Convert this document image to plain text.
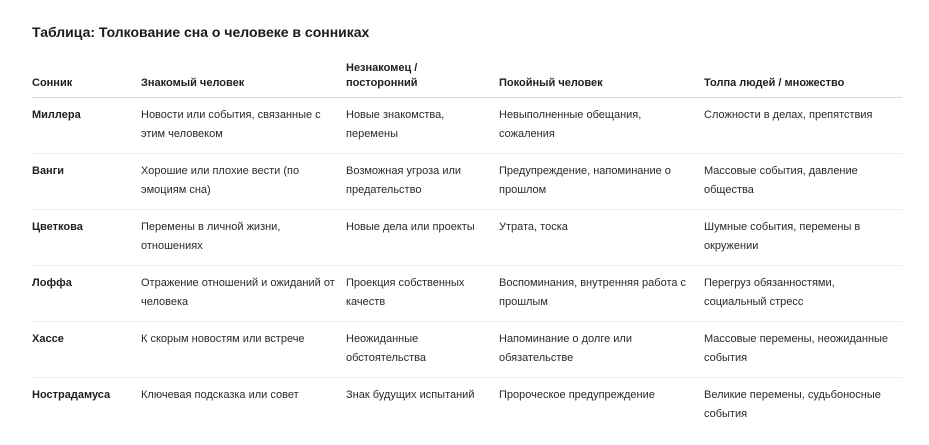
Таблица: Толкование сна о человеке в сонниках
Сонник	Знакомый человек	Незнакомец / посторонний	Покойный человек	Толпа людей / множество
Миллера	Новости или события, связанные с этим человеком	Новые знакомства, перемены	Невыполненные обещания, сожаления	Сложности в делах, препятствия
Ванги	Хорошие или плохие вести (по эмоциям сна)	Возможная угроза или предательство	Предупреждение, напоминание о прошлом	Массовые события, давление общества
Цветкова	Перемены в личной жизни, отношениях	Новые дела или проекты	Утрата, тоска	Шумные события, перемены в окружении
Лоффа	Отражение отношений и ожиданий от человека	Проекция собственных качеств	Воспоминания, внутренняя работа с прошлым	Перегруз обязанностями, социальный стресс
Хассе	К скорым новостям или встрече	Неожиданные обстоятельства	Напоминание о долге или обязательстве	Массовые перемены, неожиданные события
Нострадамуса	Ключевая подсказка или совет	Знак будущих испытаний	Пророческое предупреждение	Великие перемены, судьбоносные события
